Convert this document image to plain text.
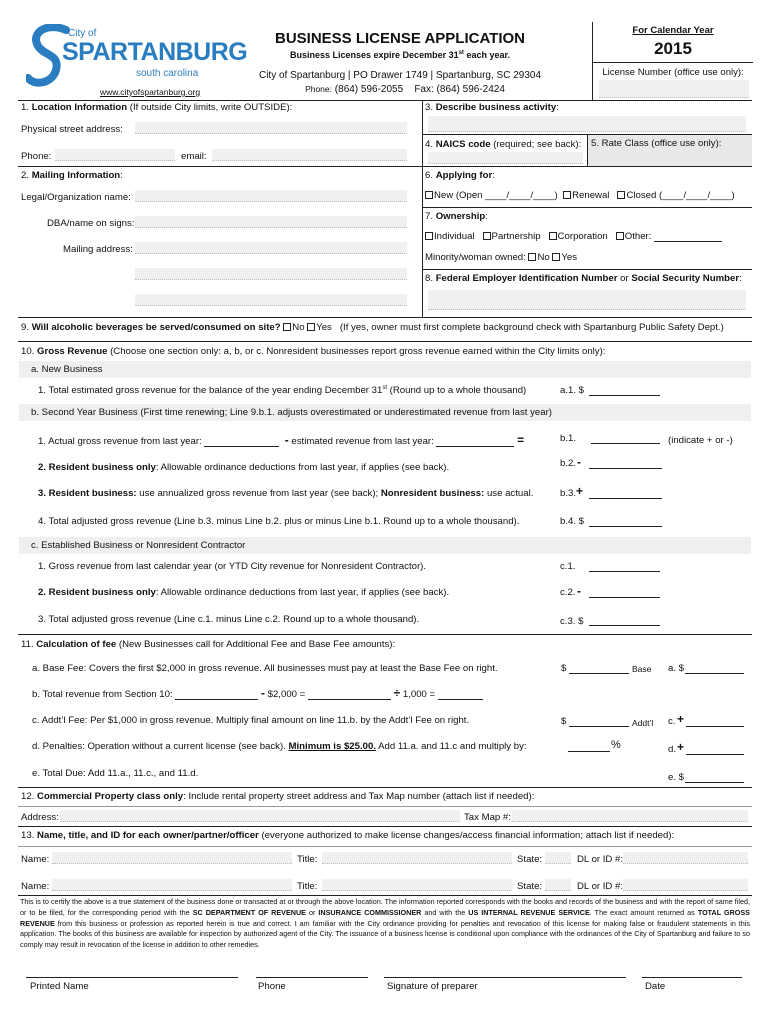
City of
SPARTANBURG
south carolina
www.cityofspartanburg.org
BUSINESS LICENSE APPLICATION
Business Licenses expire December 31st each year.
City of Spartanburg | PO Drawer 1749 | Spartanburg, SC 29304
Phone: (864) 596-2055 Fax: (864) 596-2424
For Calendar Year
2015
License Number (office use only):
1. Location Information (If outside City limits, write OUTSIDE):
Physical street address:
Phone:	email:
3. Describe business activity:
4. NAICS code (required; see back): 5. Rate Class (office use only):
2. Mailing Information:
Legal/Organization name:
DBA/name on signs:
Mailing address:
6. Applying for:
New (Open ____/____/____) Renewal Closed (____/____/____)
7. Ownership:
Individual Partnership Corporation Other:
Minority/woman owned: No Yes
8. Federal Employer Identification Number or Social Security Number:
9. Will alcoholic beverages be served/consumed on site? No Yes (If yes, owner must first complete background check with Spartanburg Public Safety Dept.)
10. Gross Revenue (Choose one section only: a, b, or c. Nonresident businesses report gross revenue earned within the City limits only):
a. New Business
1. Total estimated gross revenue for the balance of the year ending December 31st (Round up to a whole thousand)	a.1. $
b. Second Year Business (First time renewing; Line 9.b.1. adjusts overestimated or underestimated revenue from last year)
1. Actual gross revenue from last year:	- estimated revenue from last year:	=	b.1.	(indicate + or -)
2. Resident business only: Allowable ordinance deductions from last year, if applies (see back).	b.2. -
3. Resident business: use annualized gross revenue from last year (see back); Nonresident business: use actual.	b.3. +
4. Total adjusted gross revenue (Line b.3. minus Line b.2. plus or minus Line b.1. Round up to a whole thousand).	b.4. $
c. Established Business or Nonresident Contractor
1. Gross revenue from last calendar year (or YTD City revenue for Nonresident Contractor).	c.1.
2. Resident business only: Allowable ordinance deductions from last year, if applies (see back).	c.2. -
3. Total adjusted gross revenue (Line c.1. minus Line c.2. Round up to a whole thousand).	c.3. $
11. Calculation of fee (New Businesses call for Additional Fee and Base Fee amounts):
a. Base Fee: Covers the first $2,000 in gross revenue. All businesses must pay at least the Base Fee on right.	$	Base a. $
b. Total revenue from Section 10:	- $2,000 =	÷ 1,000 =
c. Addt’l Fee: Per $1,000 in gross revenue. Multiply final amount on line 11.b. by the Addt’l Fee on right.	$	Addt’l c. +
d. Penalties: Operation without a current license (see back). Minimum is $25.00. Add 11.a. and 11.c and multiply by:	%	d. +
e. Total Due: Add 11.a., 11.c., and 11.d.	e. $
12. Commercial Property class only: Include rental property street address and Tax Map number (attach list if needed):
Address:	Tax Map #:
13. Name, title, and ID for each owner/partner/officer (everyone authorized to make license changes/access financial information; attach list if needed):
Name:	Title:	State:	DL or ID #:
Name:	Title:	State:	DL or ID #:
This is to certify the above is a true statement of the business done or transacted at or through the above location. The information reported corresponds with the books and records of the business and with the report of same filed, or to be filed, for the corresponding period with the SC DEPARTMENT OF REVENUE or INSURANCE COMMISSIONER and with the US INTERNAL REVENUE SERVICE. The exact amount returned as TOTAL GROSS REVENUE from this business or profession as reported herein is true and correct. I am familiar with the City ordinance providing for penalties and revocation of this license for making false or fraudulent statements in this application. The books of this business are available for inspection by authorized agent of the City. The issuance of a business license is conditional upon compliance with the ordinances of the City of Spartanburg and failure to so comply may result in revocation of the license in addition to other remedies.
Printed Name	Phone	Signature of preparer	Date
